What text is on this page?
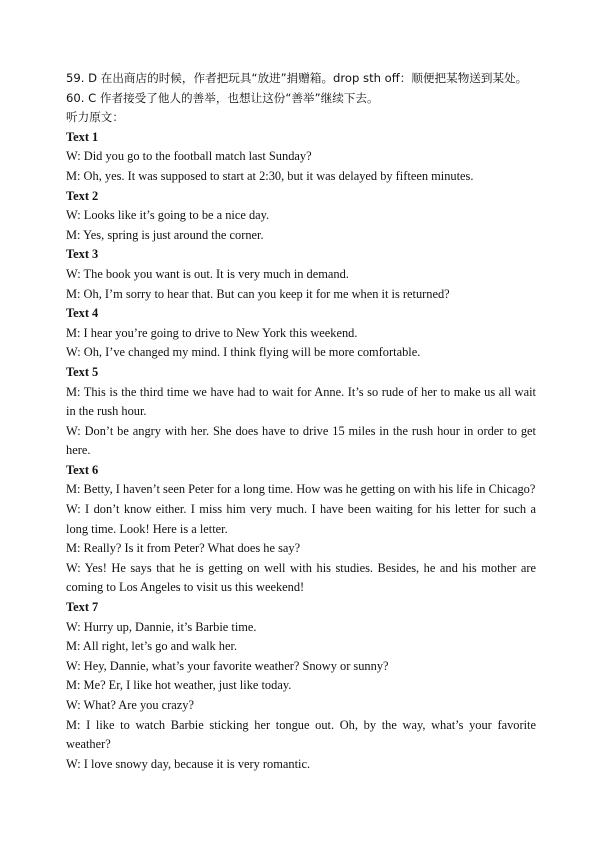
59. D 在出商店的时候，作者把玩具“放进”捐赠箱。drop sth off：顺便把某物送到某处。

60. C 作者接受了他人的善举，也想让这份“善举”继续下去。

听力原文：

Text 1

W: Did you go to the football match last Sunday?

M: Oh, yes. It was supposed to start at 2:30, but it was delayed by fifteen minutes.

Text 2

W: Looks like it’s going to be a nice day.

M: Yes, spring is just around the corner.

Text 3

W: The book you want is out. It is very much in demand.

M: Oh, I’m sorry to hear that. But can you keep it for me when it is returned?

Text 4

M: I hear you’re going to drive to New York this weekend.

W: Oh, I’ve changed my mind. I think flying will be more comfortable.

Text 5

M: This is the third time we have had to wait for Anne. It’s so rude of her to make us all wait in the rush hour.

W: Don’t be angry with her. She does have to drive 15 miles in the rush hour in order to get here.

Text 6

M: Betty, I haven’t seen Peter for a long time. How was he getting on with his life in Chicago?

W: I don’t know either. I miss him very much. I have been waiting for his letter for such a long time. Look! Here is a letter.

M: Really? Is it from Peter? What does he say?

W: Yes! He says that he is getting on well with his studies. Besides, he and his mother are coming to Los Angeles to visit us this weekend!

Text 7

W: Hurry up, Dannie, it’s Barbie time.

M: All right, let’s go and walk her.

W: Hey, Dannie, what’s your favorite weather? Snowy or sunny?

M: Me? Er, I like hot weather, just like today.

W: What? Are you crazy?

M: I like to watch Barbie sticking her tongue out. Oh, by the way, what’s your favorite weather?

W: I love snowy day, because it is very romantic.
